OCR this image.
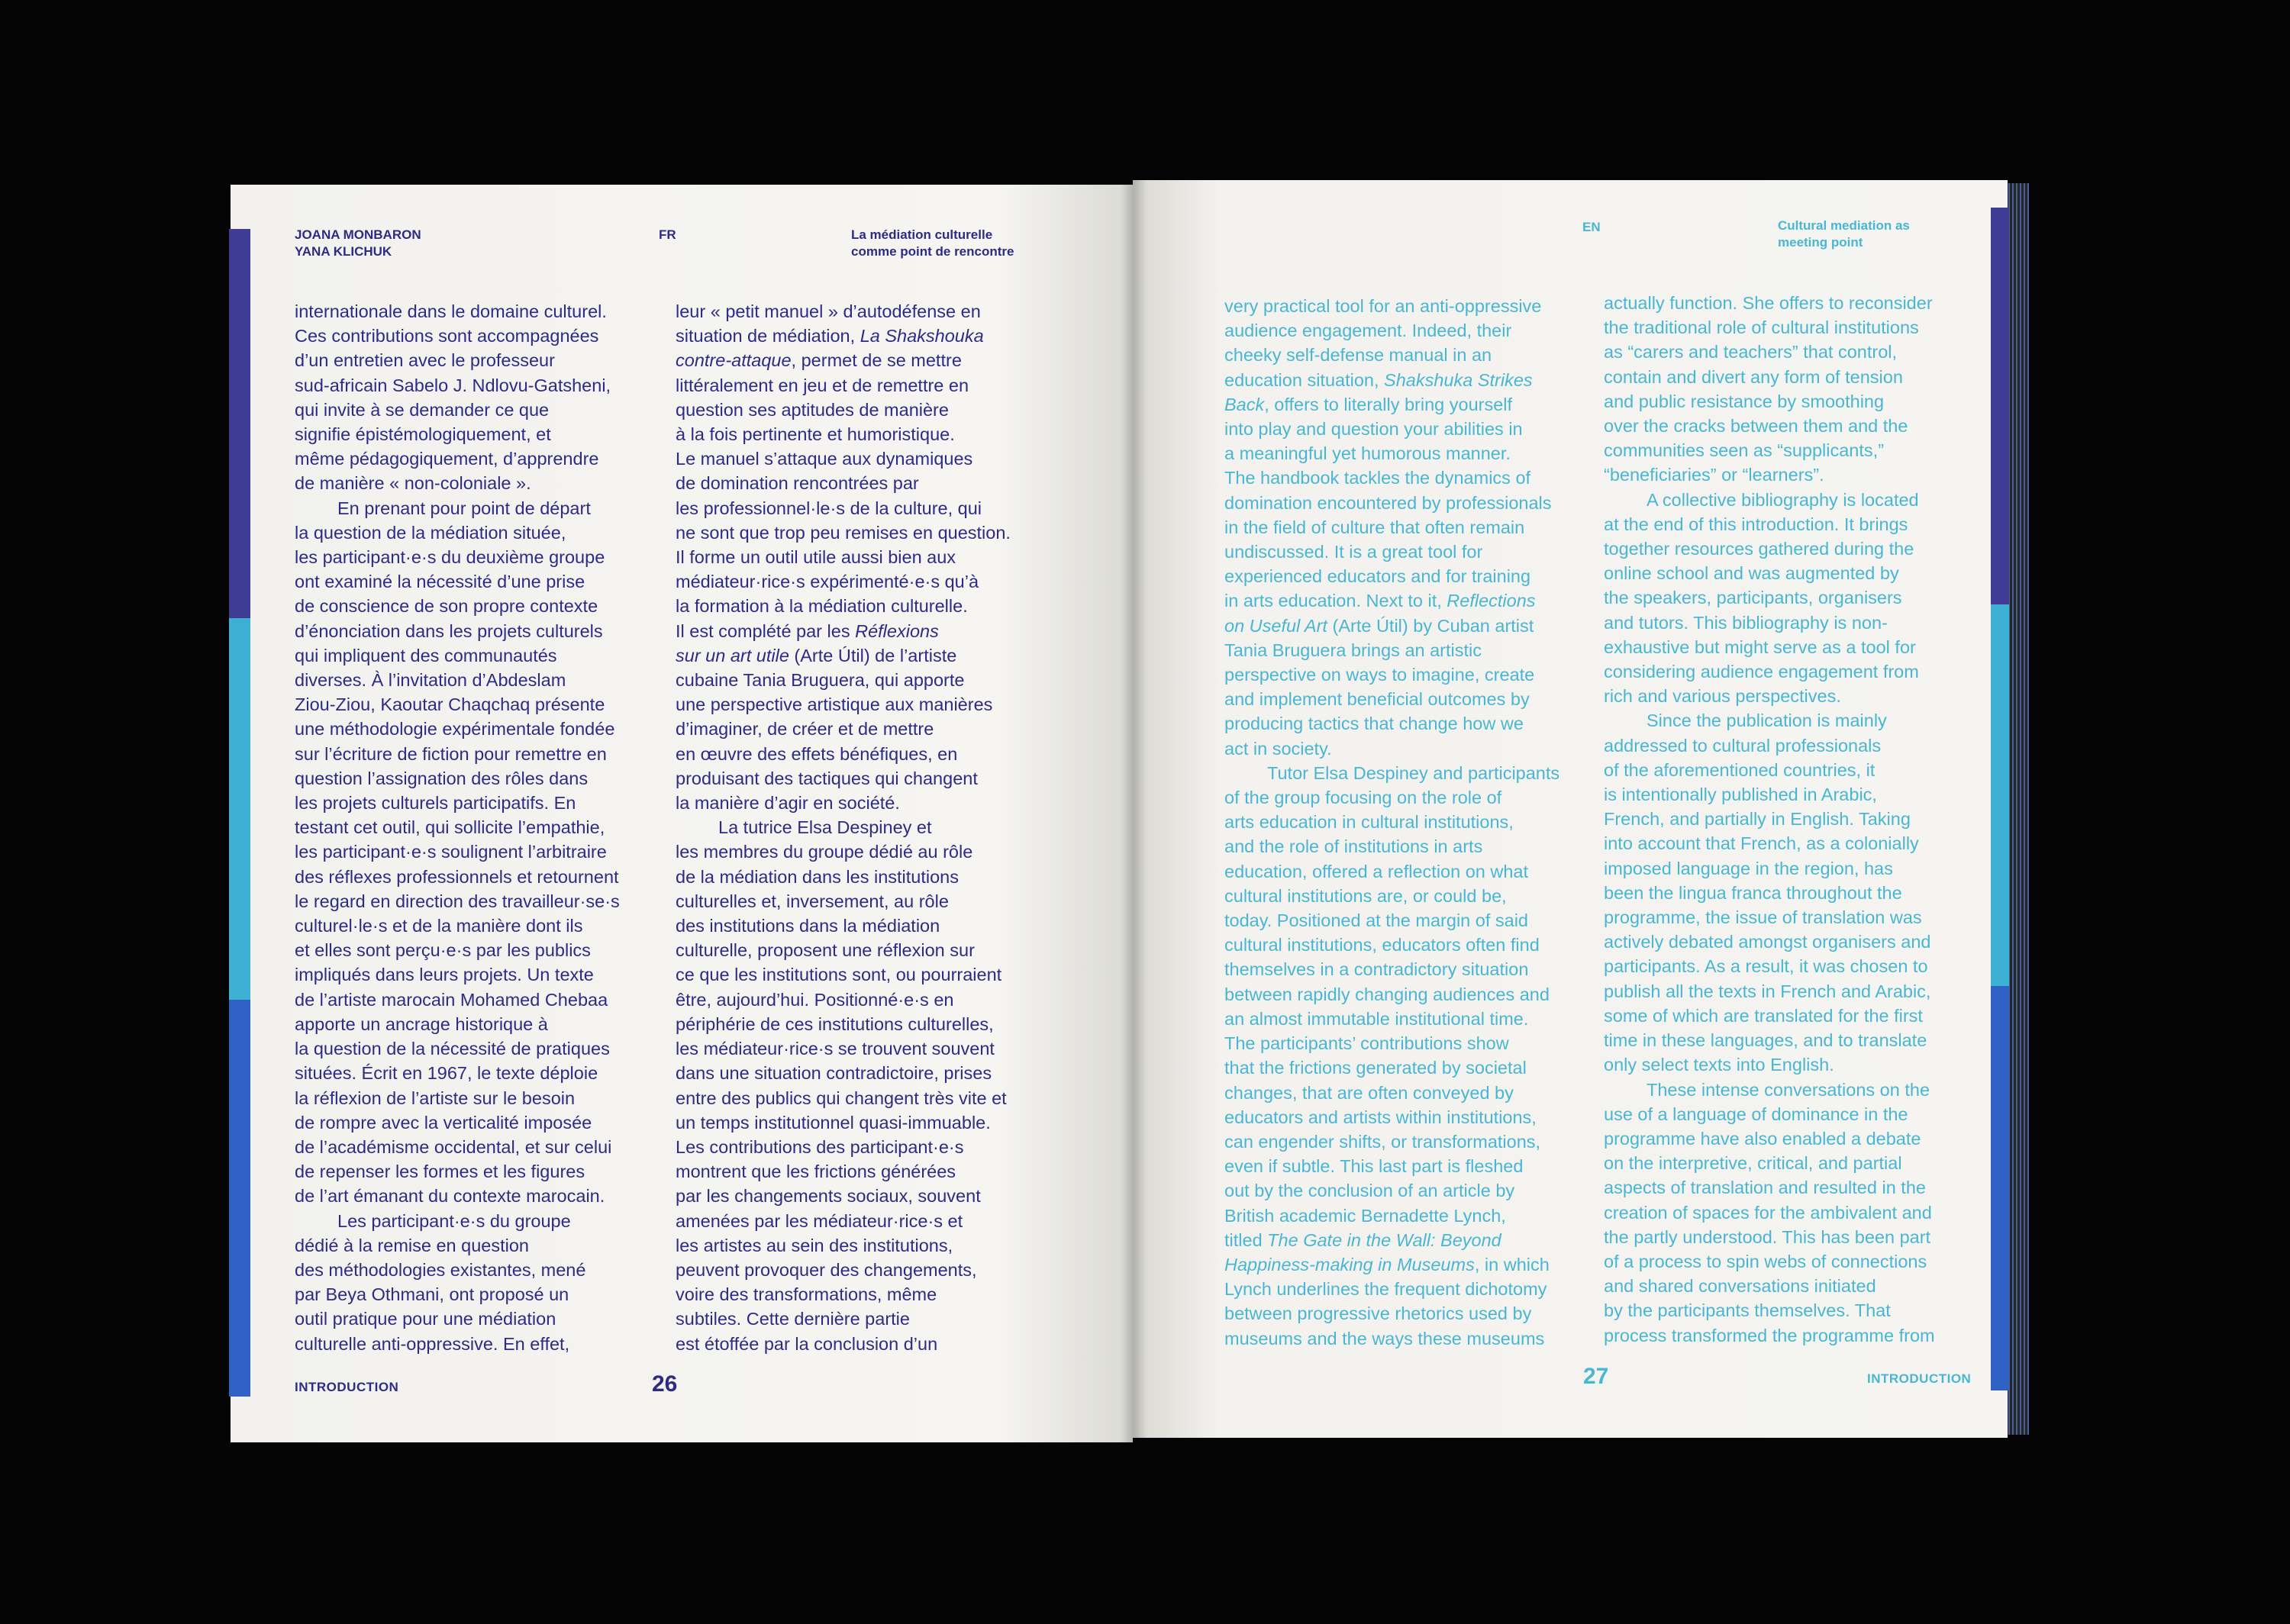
JOANA MONBARON
YANA KLICHUK
FR	La médiation culturelle
comme point de rencontre
EN	Cultural mediation as
meeting point
internationale dans le domaine culturel.
Ces contributions sont accompagnées
d’un entretien avec le professeur
sud-africain Sabelo J. Ndlovu-Gatsheni,
qui invite à se demander ce que
signifie épistémologiquement, et
même pédagogiquement, d’apprendre
de manière « non-coloniale ».
En prenant pour point de départ
la question de la médiation située,
les participant·e·s du deuxième groupe
ont examiné la nécessité d’une prise
de conscience de son propre contexte
d’énonciation dans les projets culturels
qui impliquent des communautés
diverses. À l’invitation d’Abdeslam
Ziou-Ziou, Kaoutar Chaqchaq présente
une méthodologie expérimentale fondée
sur l’écriture de fiction pour remettre en
question l’assignation des rôles dans
les projets culturels participatifs. En
testant cet outil, qui sollicite l’empathie,
les participant·e·s soulignent l’arbitraire
des réflexes professionnels et retournent
le regard en direction des travailleur·se·s
culturel·le·s et de la manière dont ils
et elles sont perçu·e·s par les publics
impliqués dans leurs projets. Un texte
de l’artiste marocain Mohamed Chebaa
apporte un ancrage historique à
la question de la nécessité de pratiques
situées. Écrit en 1967, le texte déploie
la réflexion de l’artiste sur le besoin
de rompre avec la verticalité imposée
de l’académisme occidental, et sur celui
de repenser les formes et les figures
de l’art émanant du contexte marocain.
Les participant·e·s du groupe
dédié à la remise en question
des méthodologies existantes, mené
par Beya Othmani, ont proposé un
outil pratique pour une médiation
culturelle anti-oppressive. En effet,
leur « petit manuel » d’autodéfense en
situation de médiation, La Shakshouka
contre-attaque, permet de se mettre
littéralement en jeu et de remettre en
question ses aptitudes de manière
à la fois pertinente et humoristique.
Le manuel s’attaque aux dynamiques
de domination rencontrées par
les professionnel·le·s de la culture, qui
ne sont que trop peu remises en question.
Il forme un outil utile aussi bien aux
médiateur·rice·s expérimenté·e·s qu’à
la formation à la médiation culturelle.
Il est complété par les Réflexions
sur un art utile (Arte Útil) de l’artiste
cubaine Tania Bruguera, qui apporte
une perspective artistique aux manières
d’imaginer, de créer et de mettre
en œuvre des effets bénéfiques, en
produisant des tactiques qui changent
la manière d’agir en société.
La tutrice Elsa Despiney et
les membres du groupe dédié au rôle
de la médiation dans les institutions
culturelles et, inversement, au rôle
des institutions dans la médiation
culturelle, proposent une réflexion sur
ce que les institutions sont, ou pourraient
être, aujourd’hui. Positionné·e·s en
périphérie de ces institutions culturelles,
les médiateur·rice·s se trouvent souvent
dans une situation contradictoire, prises
entre des publics qui changent très vite et
un temps institutionnel quasi-immuable.
Les contributions des participant·e·s
montrent que les frictions générées
par les changements sociaux, souvent
amenées par les médiateur·rice·s et
les artistes au sein des institutions,
peuvent provoquer des changements,
voire des transformations, même
subtiles. Cette dernière partie
est étoffée par la conclusion d’un
very practical tool for an anti-oppressive
audience engagement. Indeed, their
cheeky self-defense manual in an
education situation, Shakshuka Strikes
Back, offers to literally bring yourself
into play and question your abilities in
a meaningful yet humorous manner.
The handbook tackles the dynamics of
domination encountered by professionals
in the field of culture that often remain
undiscussed. It is a great tool for
experienced educators and for training
in arts education. Next to it, Reflections
on Useful Art (Arte Útil) by Cuban artist
Tania Bruguera brings an artistic
perspective on ways to imagine, create
and implement beneficial outcomes by
producing tactics that change how we
act in society.
Tutor Elsa Despiney and participants
of the group focusing on the role of
arts education in cultural institutions,
and the role of institutions in arts
education, offered a reflection on what
cultural institutions are, or could be,
today. Positioned at the margin of said
cultural institutions, educators often find
themselves in a contradictory situation
between rapidly changing audiences and
an almost immutable institutional time.
The participants’ contributions show
that the frictions generated by societal
changes, that are often conveyed by
educators and artists within institutions,
can engender shifts, or transformations,
even if subtle. This last part is fleshed
out by the conclusion of an article by
British academic Bernadette Lynch,
titled The Gate in the Wall: Beyond
Happiness-making in Museums, in which
Lynch underlines the frequent dichotomy
between progressive rhetorics used by
museums and the ways these museums
actually function. She offers to reconsider
the traditional role of cultural institutions
as “carers and teachers” that control,
contain and divert any form of tension
and public resistance by smoothing
over the cracks between them and the
communities seen as “supplicants,”
“beneficiaries” or “learners”.
A collective bibliography is located
at the end of this introduction. It brings
together resources gathered during the
online school and was augmented by
the speakers, participants, organisers
and tutors. This bibliography is non-
exhaustive but might serve as a tool for
considering audience engagement from
rich and various perspectives.
Since the publication is mainly
addressed to cultural professionals
of the aforementioned countries, it
is intentionally published in Arabic,
French, and partially in English. Taking
into account that French, as a colonially
imposed language in the region, has
been the lingua franca throughout the
programme, the issue of translation was
actively debated amongst organisers and
participants. As a result, it was chosen to
publish all the texts in French and Arabic,
some of which are translated for the first
time in these languages, and to translate
only select texts into English.
These intense conversations on the
use of a language of dominance in the
programme have also enabled a debate
on the interpretive, critical, and partial
aspects of translation and resulted in the
creation of spaces for the ambivalent and
the partly understood. This has been part
of a process to spin webs of connections
and shared conversations initiated
by the participants themselves. That
process transformed the programme from
INTRODUCTION	26	27	INTRODUCTION
